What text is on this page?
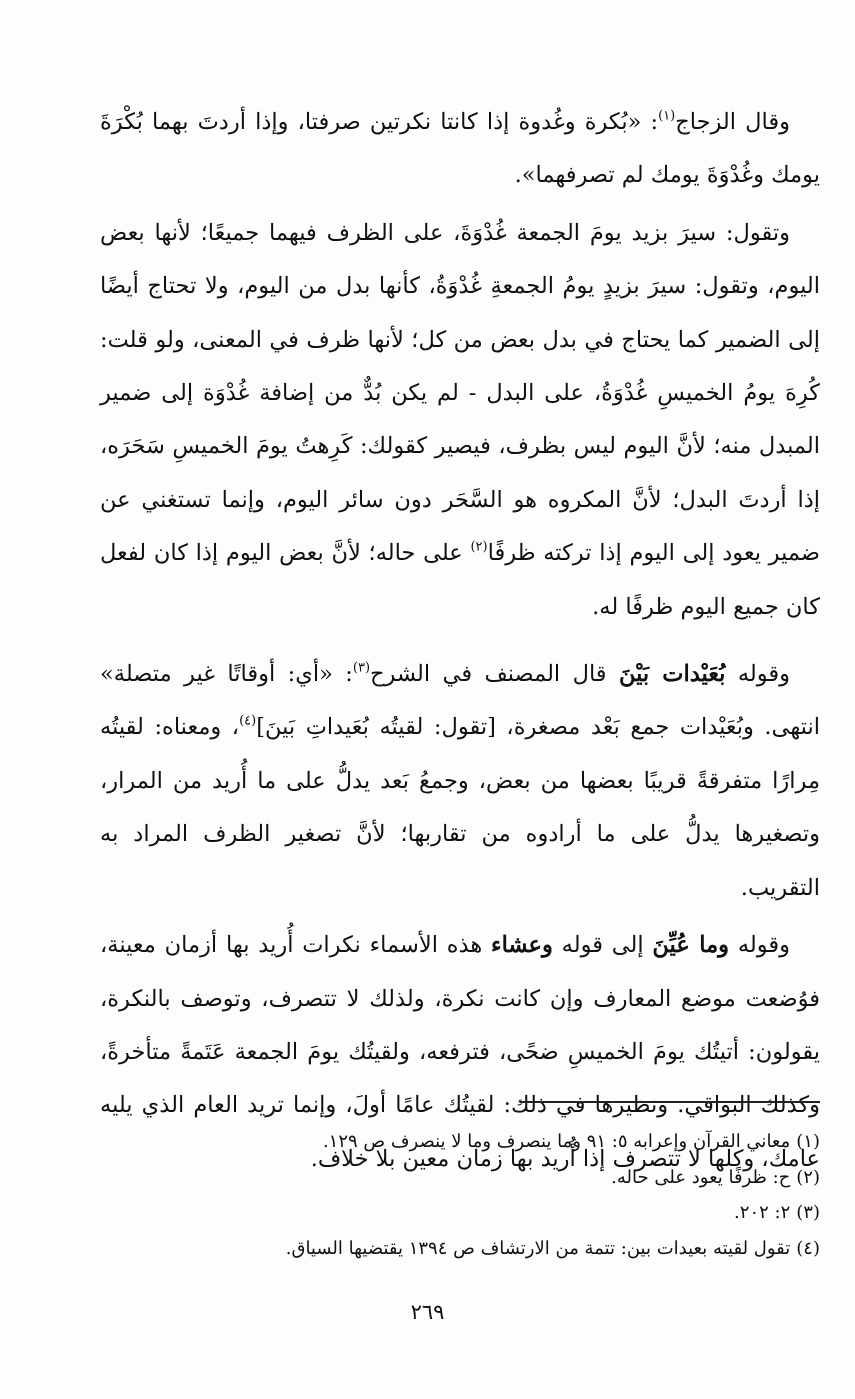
وقال الزجاج$^{(١)}$: «بُكرة وغُدوة إذا كانتا نكرتين صرفتا، وإذا أردتَ بهما بُكْرَةَ يومك وغُدْوَةَ يومك لم تصرفهما».

وتقول: سيرَ بزيد يومَ الجمعة غُدْوَةَ، على الظرف فيهما جميعًا؛ لأنها بعض اليوم، وتقول: سيرَ بزيدٍ يومُ الجمعةِ غُدْوَةُ، كأنها بدل من اليوم، ولا تحتاج أيضًا إلى الضمير كما يحتاج في بدل بعض من كل؛ لأنها ظرف في المعنى، ولو قلت: كُرِهَ يومُ الخميسِ غُدْوَةُ، على البدل - لم يكن بُدٌّ من إضافة غُدْوَة إلى ضمير المبدل منه؛ لأنَّ اليوم ليس بظرف، فيصير كقولك: كَرِهتُ يومَ الخميسِ سَحَرَه، إذا أردتَ البدل؛ لأنَّ المكروه هو السَّحَر دون سائر اليوم، وإنما تستغني عن ضمير يعود إلى اليوم إذا تركته ظرفًا$^{(٢)}$ على حاله؛ لأنَّ بعض اليوم إذا كان لفعل كان جميع اليوم ظرفًا له.

وقوله بُعَيْدات بَيْنَ قال المصنف في الشرح$^{(٣)}$: «أي: أوقاتًا غير متصلة» انتهى. وبُعَيْدات جمع بَعْد مصغرة، [تقول: لقيتُه بُعَيداتِ بَينَ]$^{(٤)}$، ومعناه: لقيتُه مِرارًا متفرقةً قريبًا بعضها من بعض، وجمعُ بَعد يدلُّ على ما أُريد من المرار، وتصغيرها يدلُّ على ما أرادوه من تقاربها؛ لأنَّ تصغير الظرف المراد به التقريب.

وقوله وما عُيِّنَ إلى قوله وعشاء هذه الأسماء نكرات أُريد بها أزمان معينة، فوُضعت موضع المعارف وإن كانت نكرة، ولذلك لا تتصرف، وتوصف بالنكرة، يقولون: أتيتُك يومَ الخميسِ ضحًى، فترفعه، ولقيتُك يومَ الجمعة عَتَمةً متأخرةً، وكذلك البواقي. ونظيرها في ذلك: لقيتُك عامًا أولَ، وإنما تريد العام الذي يليه عامك، وكلها لا تتصرف إذا أُريد بها زمان معين بلا خلاف.

(١)معاني القرآن وإعرابه ٥: ٩١ وما ينصرف وما لا ينصرف ص ١٢٩.

(٢)ح: ظرفًا يعود على حاله.

(٣)٢: ٢٠٢.

(٤)تقول لقيته بعيدات بين: تتمة من الارتشاف ص ١٣٩٤ يقتضيها السياق.

٢٦٩
